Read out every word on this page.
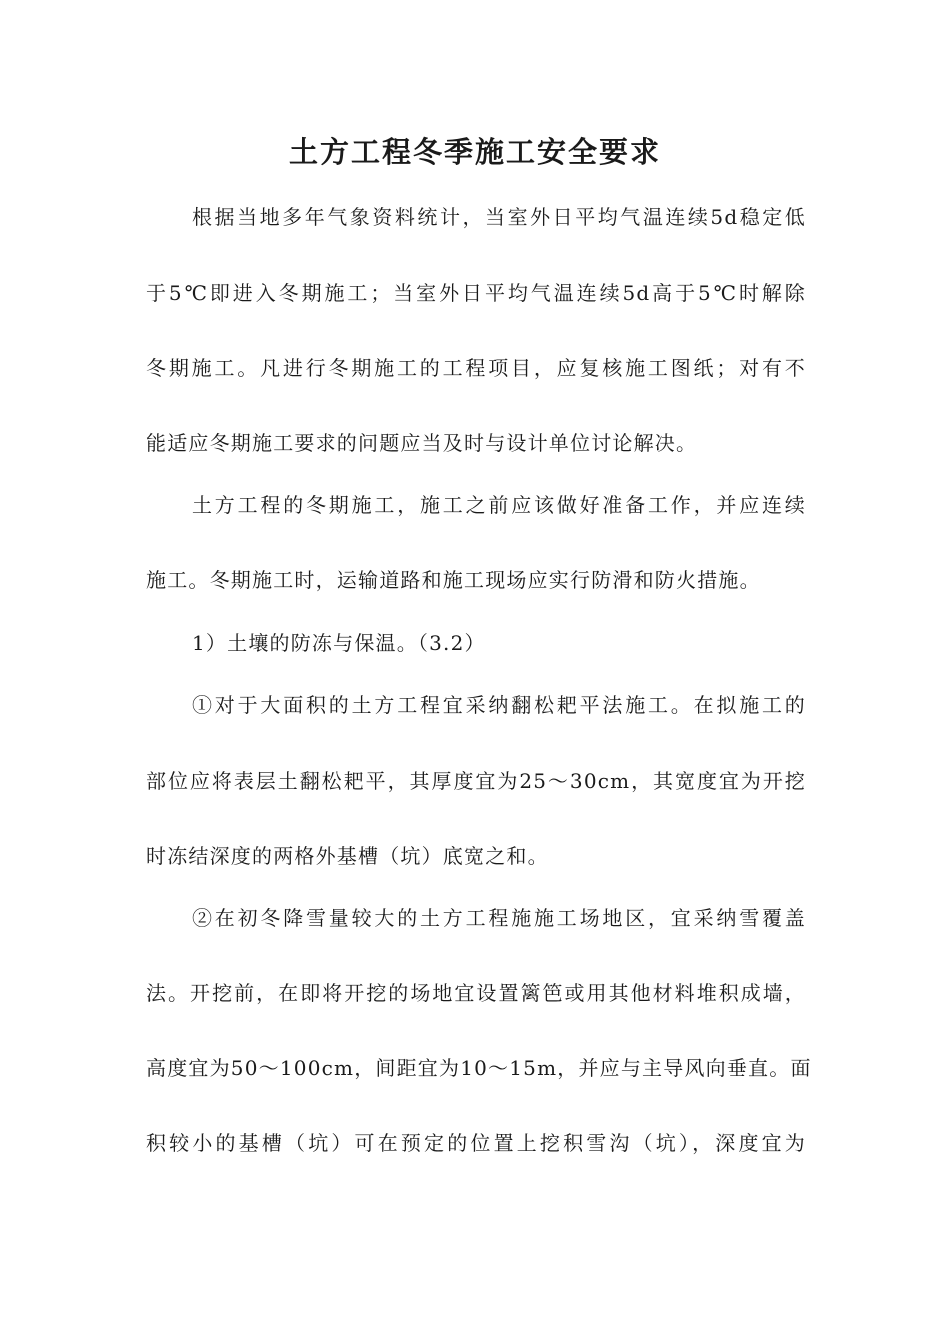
土方工程冬季施工安全要求

根据当地多年气象资料统计，当室外日平均气温连续5d稳定低

于5℃即进入冬期施工；当室外日平均气温连续5d高于5℃时解除

冬期施工。凡进行冬期施工的工程项目，应复核施工图纸；对有不

能适应冬期施工要求的问题应当及时与设计单位讨论解决。

土方工程的冬期施工，施工之前应该做好准备工作，并应连续

施工。冬期施工时，运输道路和施工现场应实行防滑和防火措施。

1）土壤的防冻与保温。（3.2）

①对于大面积的土方工程宜采纳翻松耙平法施工。在拟施工的

部位应将表层土翻松耙平，其厚度宜为25～30cm，其宽度宜为开挖

时冻结深度的两格外基槽（坑）底宽之和。

②在初冬降雪量较大的土方工程施施工场地区，宜采纳雪覆盖

法。开挖前，在即将开挖的场地宜设置篱笆或用其他材料堆积成墙，

高度宜为50～100cm，间距宜为10～15m，并应与主导风向垂直。面

积较小的基槽（坑）可在预定的位置上挖积雪沟（坑），深度宜为
